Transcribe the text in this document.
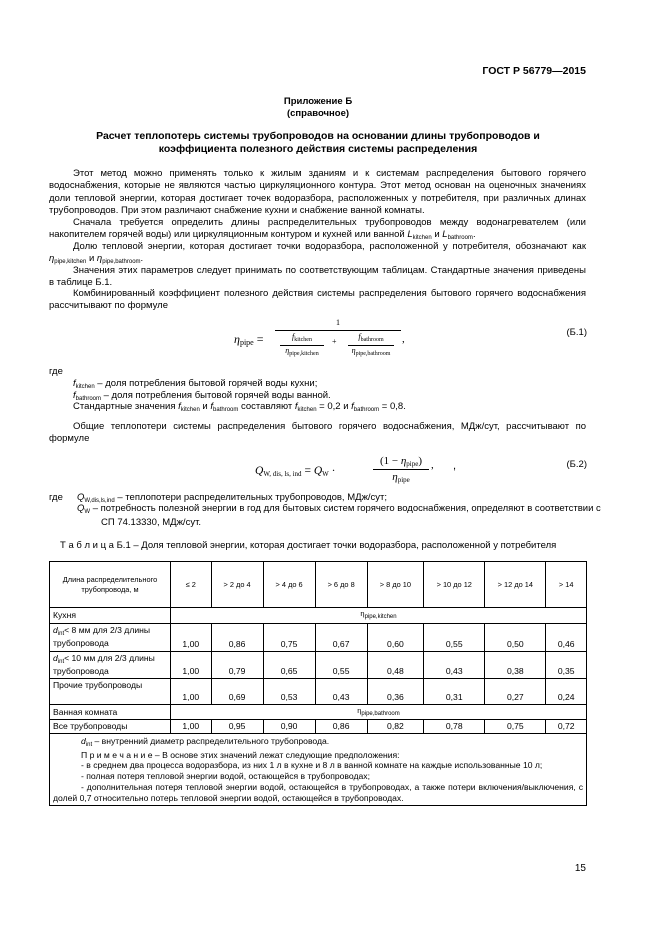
ГОСТ Р 56779—2015
Приложение Б
(справочное)
Расчет теплопотерь системы трубопроводов на основании длины трубопроводов и
коэффициента полезного действия системы распределения
Этот метод можно применять только к жилым зданиям и к системам распределения бытового горячего водоснабжения, которые не являются частью циркуляционного контура. Этот метод основан на оценочных значениях доли тепловой энергии, которая достигает точек водоразбора, расположенных у потребителя, при различных длинах трубопроводов. При этом различают снабжение кухни и снабжение ванной комнаты.
Сначала требуется определить длины распределительных трубопроводов между водонагревателем (или накопителем горячей воды) или циркуляционным контуром и кухней или ванной $L_{kitchen}$ и $L_{bathroom}$.
Долю тепловой энергии, которая достигает точки водоразбора, расположенной у потребителя, обозначают как $\eta_{pipe,kitchen}$ и $\eta_{pipe,bathroom}$.
Значения этих параметров следует принимать по соответствующим таблицам. Стандартные значения приведены в таблице Б.1.
Комбинированный коэффициент полезного действия системы распределения бытового горячего водоснабжения рассчитывают по формуле
$\eta_{pipe}$ =
1
$f_{kitchen}$
$\eta_{pipe,kitchen}$
+
$f_{bathroom}$
$\eta_{pipe,bathroom}$
,
(Б.1)
где
$f_{kitchen}$ – доля потребления бытовой горячей воды кухни;
$f_{bathroom}$ – доля потребления бытовой горячей воды ванной.
Стандартные значения $f_{kitchen}$ и $f_{bathroom}$ составляют $f_{kitchen} = 0,2$ и $f_{bathroom} = 0,8$.
Общие теплопотери системы распределения бытового горячего водоснабжения, МДж/сут, рассчитывают по формуле
$Q_{W, dis, ls, ind} = Q_W$ ·
$(1 - \eta_{pipe})$
$\eta_{pipe}$
, ,	(Б.2)
где $Q_{W,dis,ls,ind}$ – теплопотери распределительных трубопроводов, МДж/сут;
$Q_W$ – потребность полезной энергии в год для бытовых систем горячего водоснабжения, определяют в соответствии с СП 74.13330, МДж/сут.
Т а б л и ц а Б.1 – Доля тепловой энергии, которая достигает точки водоразбора, расположенной у потребителя
Длина распределительного трубопровода, м	≤ 2	> 2 до 4	> 4 до 6	> 6 до 8	> 8 до 10	> 10 до 12	> 12 до 14	> 14
Кухня	$\eta_{pipe,kitchen}$
$d_{int}< 8$ мм для 2/3 длины трубопровода	1,00	0,86	0,75	0,67	0,60	0,55	0,50	0,46
$d_{int}< 10$ мм для 2/3 длины трубопровода	1,00	0,79	0,65	0,55	0,48	0,43	0,38	0,35
Прочие трубопроводы	1,00	0,69	0,53	0,43	0,36	0,31	0,27	0,24
Ванная комната	$\eta_{pipe,bathroom}$
Все трубопроводы	1,00	0,95	0,90	0,86	0,82	0,78	0,75	0,72

$d_{int}$ – внутренний диаметр распределительного трубопровода.
П р и м е ч а н и е – В основе этих значений лежат следующие предположения:
- в среднем два процесса водоразбора, из них 1 л в кухне и 8 л в ванной комнате на каждые использованные 10 л;
- полная потеря тепловой энергии водой, остающейся в трубопроводах;
- дополнительная потеря тепловой энергии водой, остающейся в трубопроводах, а также потери включения/выключения, с долей 0,7 относительно потерь тепловой энергии водой, остающейся в трубопроводах.								
15
